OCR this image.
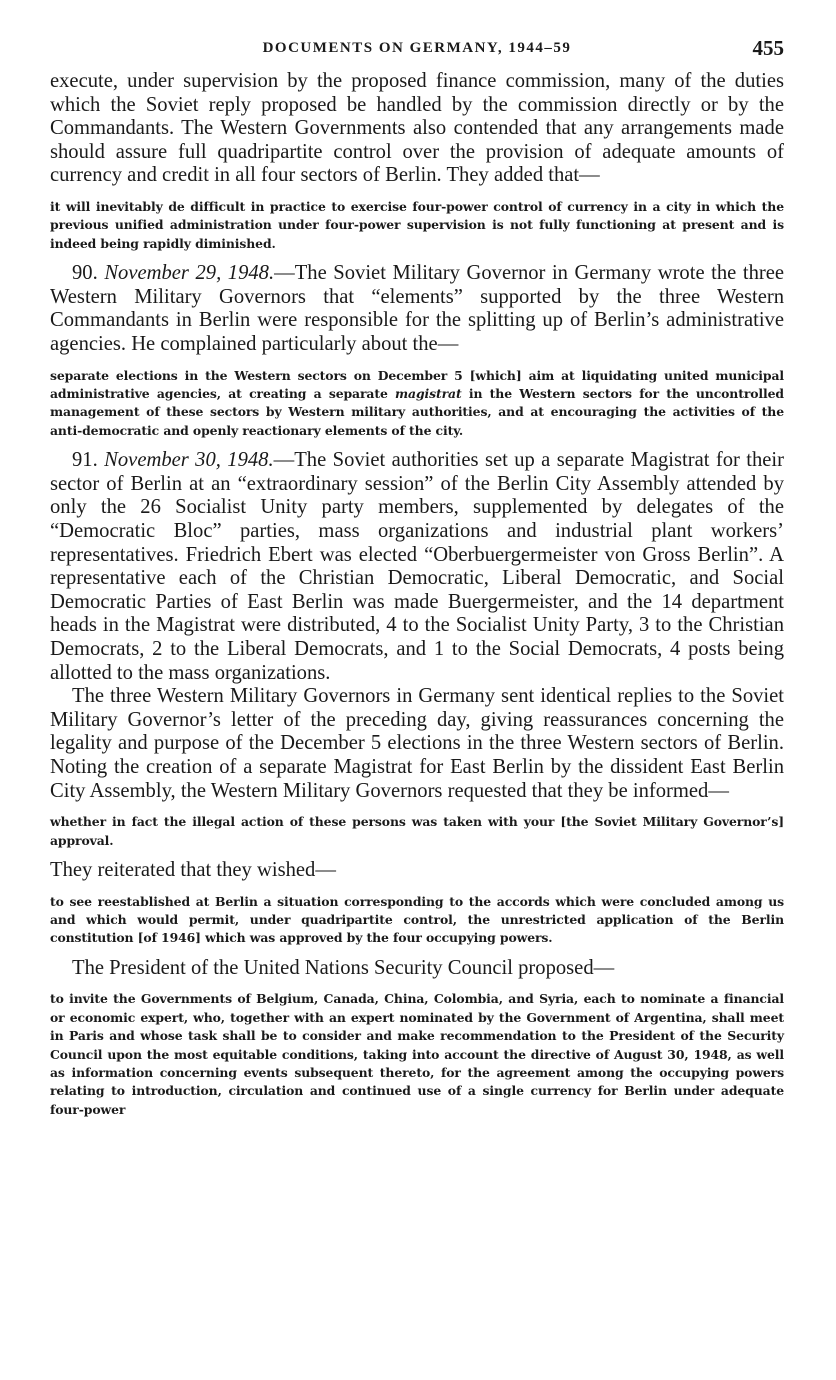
DOCUMENTS ON GERMANY, 1944–59	455

execute, under supervision by the proposed finance commission, many of the duties which the Soviet reply proposed be handled by the commission directly or by the Commandants. The Western Governments also contended that any arrangements made should assure full quadripartite control over the provision of adequate amounts of currency and credit in all four sectors of Berlin. They added that—

it will inevitably de difficult in practice to exercise four-power control of currency in a city in which the previous unified administration under four-power supervision is not fully functioning at present and is indeed being rapidly diminished.

90. November 29, 1948.—The Soviet Military Governor in Germany wrote the three Western Military Governors that “elements” supported by the three Western Commandants in Berlin were responsible for the splitting up of Berlin’s administrative agencies. He complained particularly about the—

separate elections in the Western sectors on December 5 [which] aim at liquidating united municipal administrative agencies, at creating a separate magistrat in the Western sectors for the uncontrolled management of these sectors by Western military authorities, and at encouraging the activities of the anti-democratic and openly reactionary elements of the city.

91. November 30, 1948.—The Soviet authorities set up a separate Magistrat for their sector of Berlin at an “extraordinary session” of the Berlin City Assembly attended by only the 26 Socialist Unity party members, supplemented by delegates of the “Democratic Bloc” parties, mass organizations and industrial plant workers’ representatives. Friedrich Ebert was elected “Oberbuergermeister von Gross Berlin”. A representative each of the Christian Democratic, Liberal Democratic, and Social Democratic Parties of East Berlin was made Buergermeister, and the 14 department heads in the Magistrat were distributed, 4 to the Socialist Unity Party, 3 to the Christian Democrats, 2 to the Liberal Democrats, and 1 to the Social Democrats, 4 posts being allotted to the mass organizations.

The three Western Military Governors in Germany sent identical replies to the Soviet Military Governor’s letter of the preceding day, giving reassurances concerning the legality and purpose of the December 5 elections in the three Western sectors of Berlin. Noting the creation of a separate Magistrat for East Berlin by the dissident East Berlin City Assembly, the Western Military Governors requested that they be informed—

whether in fact the illegal action of these persons was taken with your [the Soviet Military Governor’s] approval.

They reiterated that they wished—

to see reestablished at Berlin a situation corresponding to the accords which were concluded among us and which would permit, under quadripartite control, the unrestricted application of the Berlin constitution [of 1946] which was approved by the four occupying powers.

The President of the United Nations Security Council proposed—

to invite the Governments of Belgium, Canada, China, Colombia, and Syria, each to nominate a financial or economic expert, who, together with an expert nominated by the Government of Argentina, shall meet in Paris and whose task shall be to consider and make recommendation to the President of the Security Council upon the most equitable conditions, taking into account the directive of August 30, 1948, as well as information concerning events subsequent thereto, for the agreement among the occupying powers relating to introduction, circulation and continued use of a single currency for Berlin under adequate four-power
